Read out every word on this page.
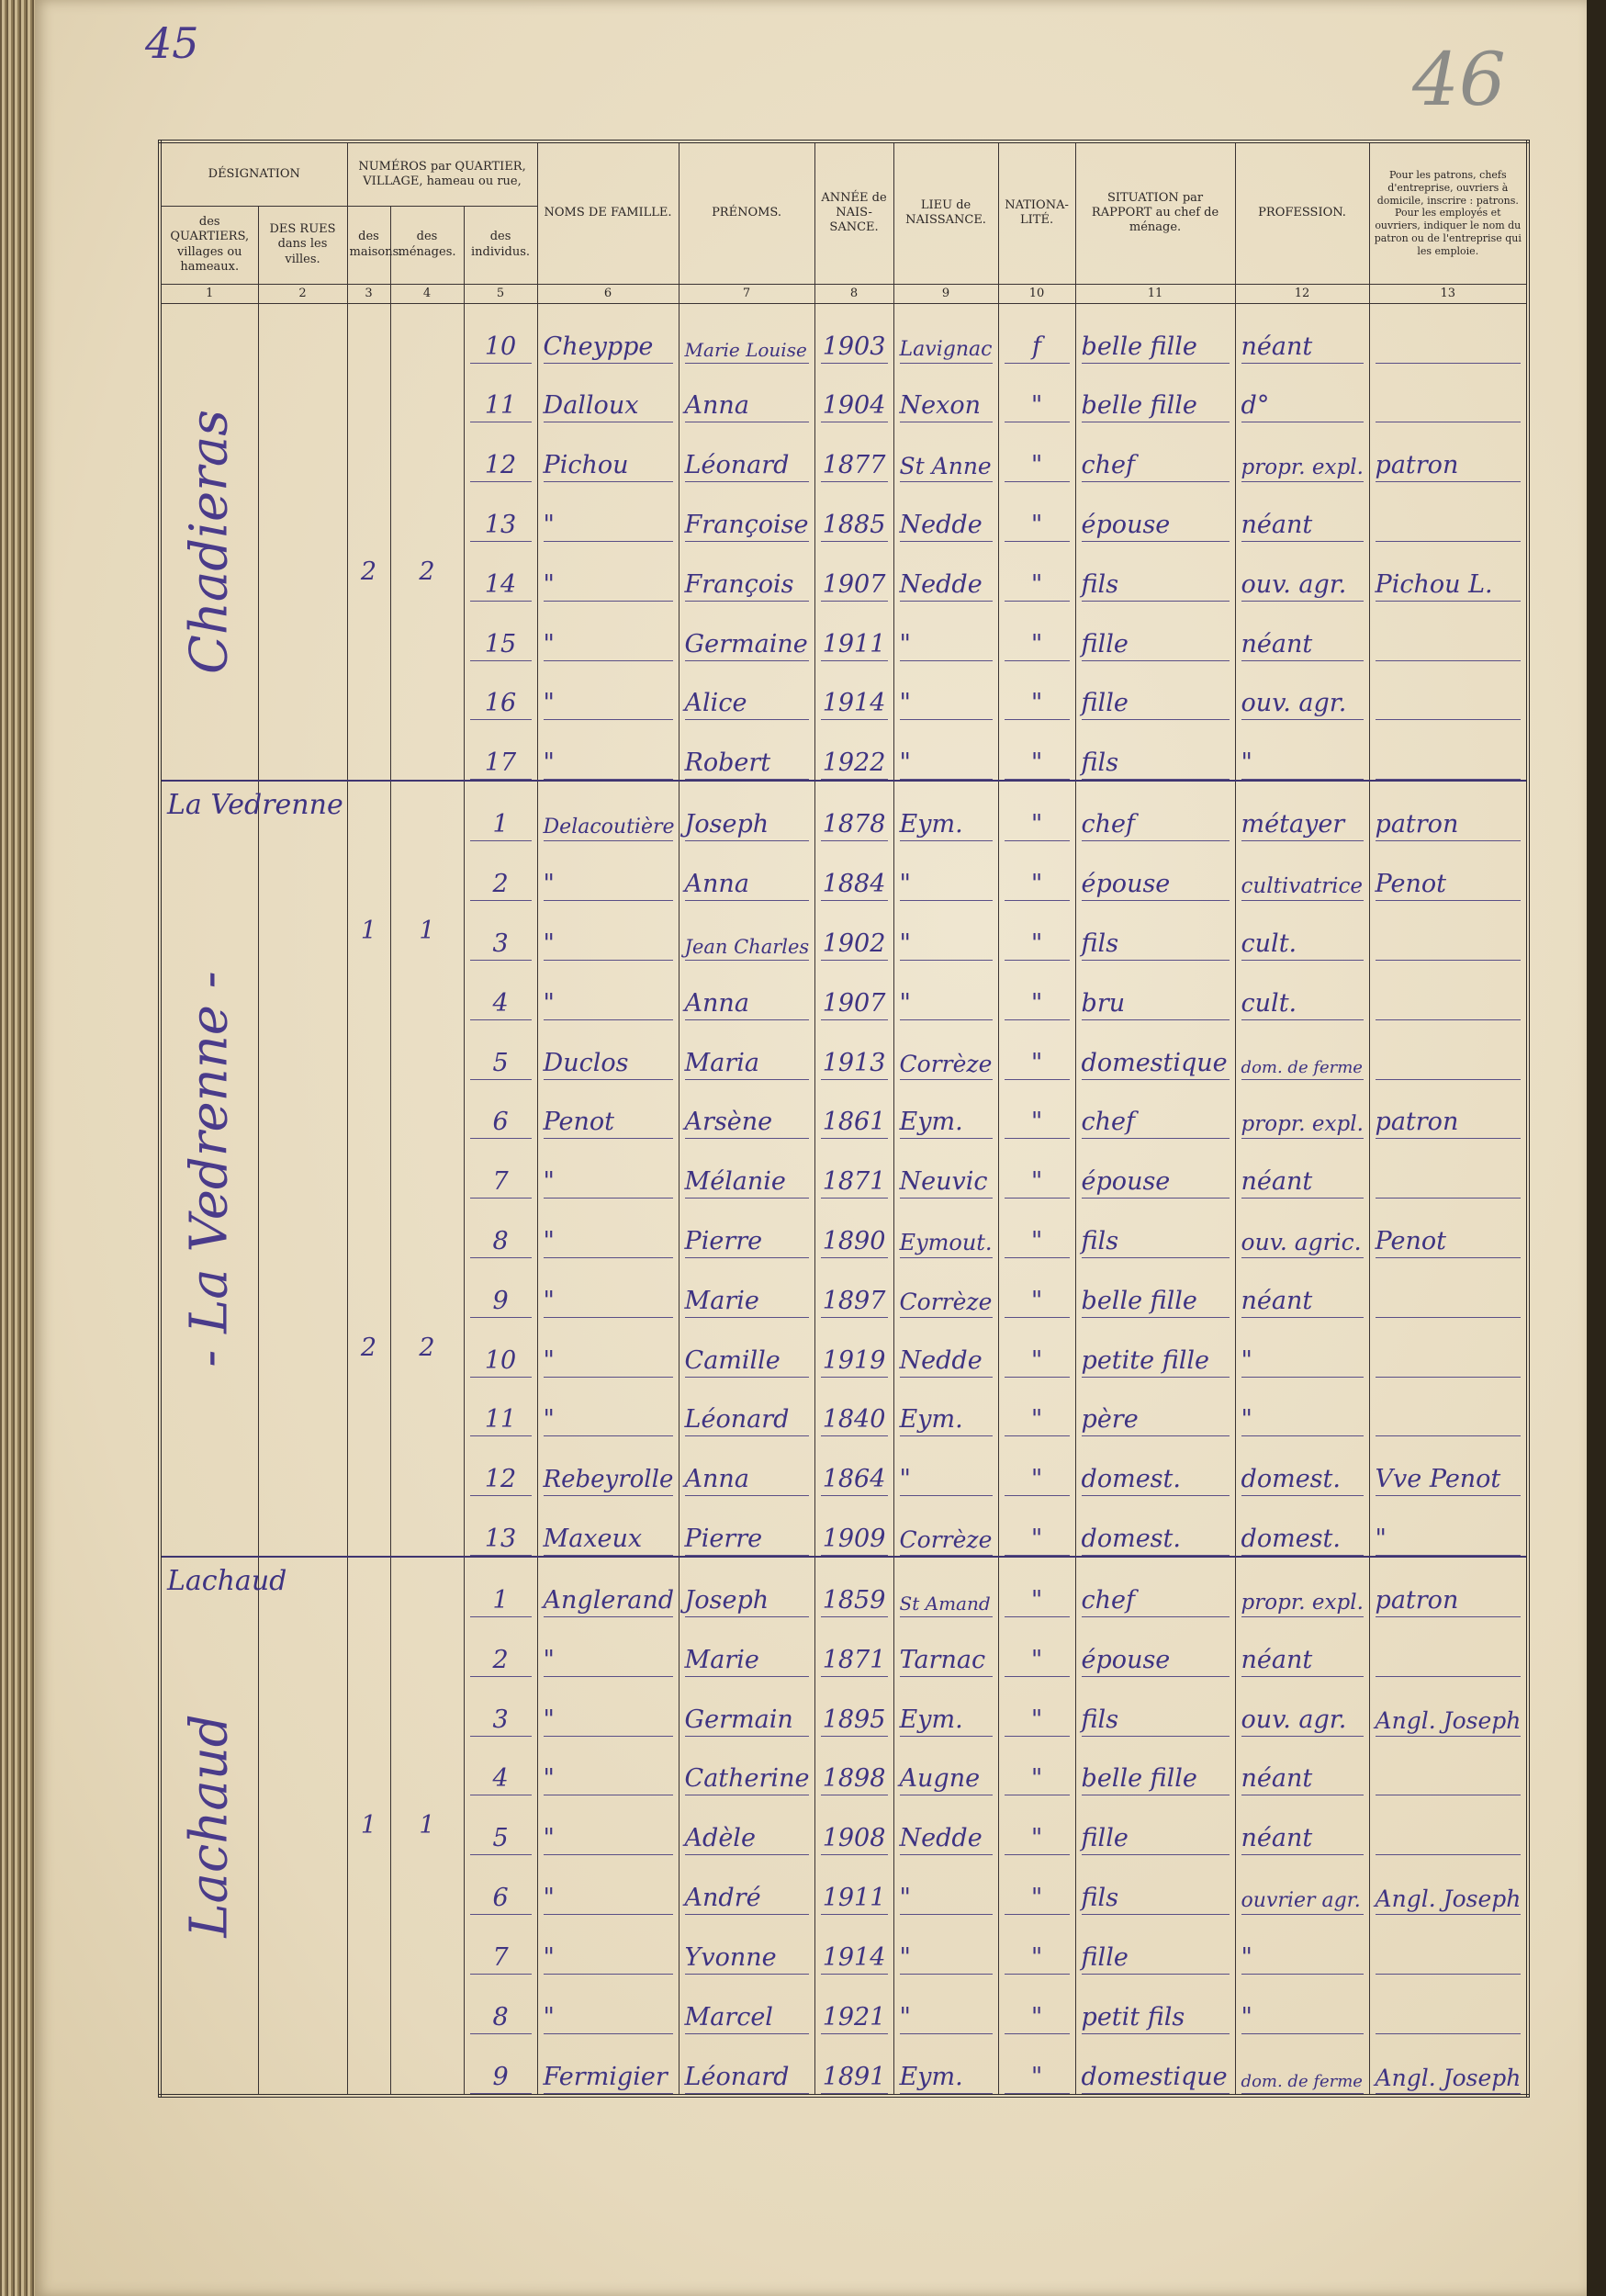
45	46
DÉSIGNATION		NUMÉROS par QUARTIER, VILLAGE, hameau ou rue,			NOMS DE FAMILLE.	PRÉNOMS.	ANNÉE de NAIS- SANCE.	LIEU de NAISSANCE.	NATIONA- LITÉ.	SITUATION par RAPPORT au chef de ménage.	PROFESSION.	Pour les patrons, chefs d'entreprise, ouvriers à domicile, inscrire : patrons. Pour les employés et ouvriers, indiquer le nom du patron ou de l'entreprise qui les emploie.
des QUARTIERS, villages ou hameaux.	DES RUES dans les villes.	des maisons.	des ménages.	des individus.								
1	2	3	4	5	6	7	8	9	10	11	12	13

Chadieras				10	Cheyppe	Marie Louise	1903	Lavignac	f	belle fille	néant	

				11	Dalloux	Anna	1904	Nexon	"	belle fille	d°	

				12	Pichou	Léonard	1877	St Anne	"	chef	propr. expl.	patron

				13	"	Françoise	1885	Nedde	"	épouse	néant	

		2	2	14	"	François	1907	Nedde	"	fils	ouv. agr.	Pichou L.

				15	"	Germaine	1911	"	"	fille	néant	

				16	"	Alice	1914	"	"	fille	ouv. agr.	

				17	"	Robert	1922	"	"	fils	"	

La Vedrenne
- La Vedrenne -				1	Delacoutière	Joseph	1878	Eym.	"	chef	métayer	patron

				2	"	Anna	1884	"	"	épouse	cultivatrice	Penot

		1	1	3	"	Jean Charles	1902	"	"	fils	cult.	

				4	"	Anna	1907	"	"	bru	cult.	

				5	Duclos	Maria	1913	Corrèze	"	domestique	dom. de ferme	

				6	Penot	Arsène	1861	Eym.	"	chef	propr. expl.	patron

				7	"	Mélanie	1871	Neuvic	"	épouse	néant	

				8	"	Pierre	1890	Eymout.	"	fils	ouv. agric.	Penot

				9	"	Marie	1897	Corrèze	"	belle fille	néant	

		2	2	10	"	Camille	1919	Nedde	"	petite fille	"	

				11	"	Léonard	1840	Eym.	"	père	"	

				12	Rebeyrolle	Anna	1864	"	"	domest.	domest.	Vve Penot

				13	Maxeux	Pierre	1909	Corrèze	"	domest.	domest.	"

Lachaud
Lachaud				1	Anglerand	Joseph	1859	St Amand	"	chef	propr. expl.	patron

				2	"	Marie	1871	Tarnac	"	épouse	néant	

				3	"	Germain	1895	Eym.	"	fils	ouv. agr.	Angl. Joseph

				4	"	Catherine	1898	Augne	"	belle fille	néant	

		1	1	5	"	Adèle	1908	Nedde	"	fille	néant	

				6	"	André	1911	"	"	fils	ouvrier agr.	Angl. Joseph

				7	"	Yvonne	1914	"	"	fille	"	

				8	"	Marcel	1921	"	"	petit fils	"	

				9	Fermigier	Léonard	1891	Eym.	"	domestique	dom. de ferme	Angl. Joseph
